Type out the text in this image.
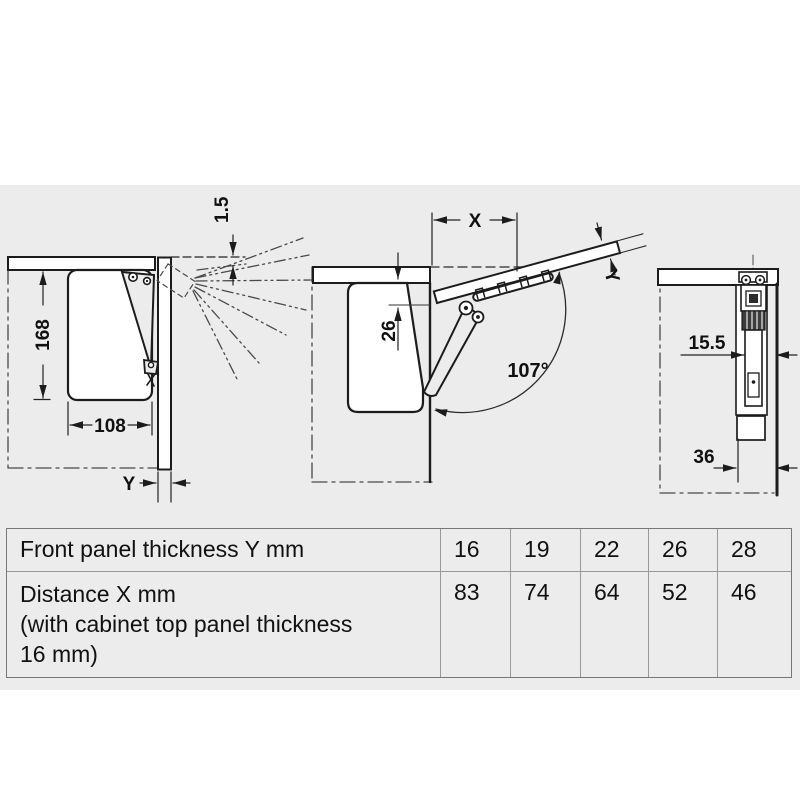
168
108
Y
1.5	X
26
Y
107°
15.5
36
Front panel thickness Y mm	16	19	22	26	28
Distance X mm
(with cabinet top panel thickness
16 mm)
83	74	64	52	46
